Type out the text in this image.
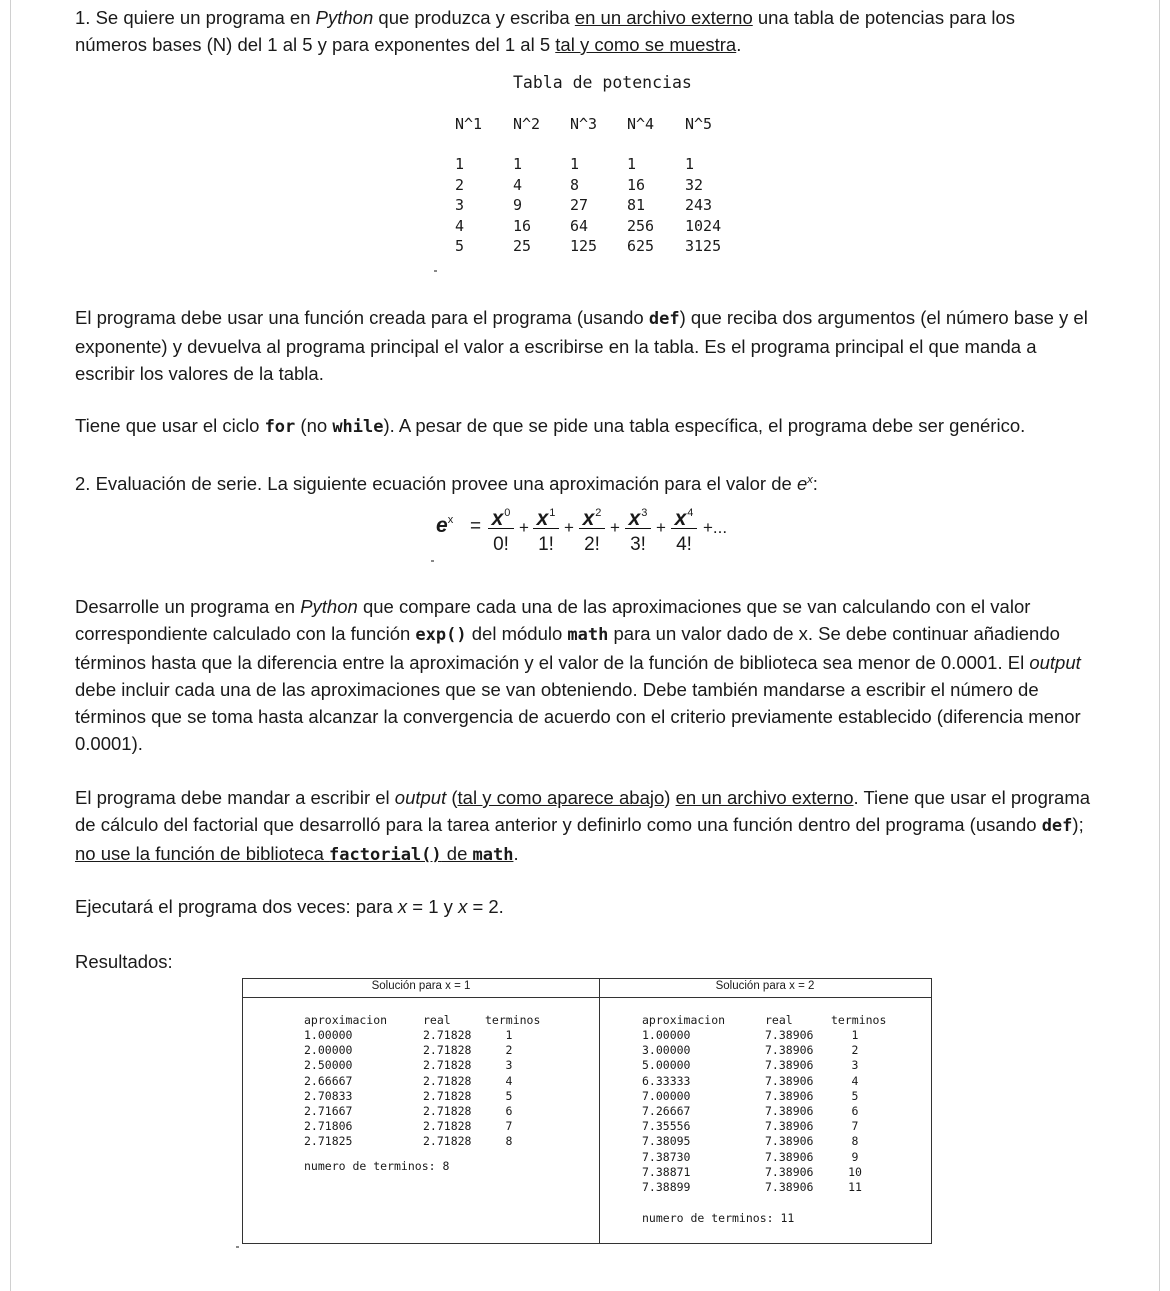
1. Se quiere un programa en Python que produzca y escriba en un archivo externo una tabla de potencias para los
números bases (N) del 1 al 5 y para exponentes del 1 al 5 tal y como se muestra.

Tabla de potencias
N^1 N^2 N^3 N^4 N^5
1	1	1	1	1
2	4	8	16	32
3	9	27	81	243
4	16	64	256 1024
5	25	125 625 3125

El programa debe usar una función creada para el programa (usando def) que reciba dos argumentos (el número base y el exponente) y devuelva al programa principal el valor a escribirse en la tabla. Es el programa principal el que manda a escribir los valores de la tabla.

Tiene que usar el ciclo for (no while). A pesar de que se pide una tabla específica, el programa debe ser genérico.

2. Evaluación de serie. La siguiente ecuación provee una aproximación para el valor de $e^x$:

$e^x = x^0$
0!
+ $x^1$
1!
+ $x^2$
2!
+ $x^3$
3!
+ $x^4$
4!
+...

Desarrolle un programa en Python que compare cada una de las aproximaciones que se van calculando con el valor correspondiente calculado con la función exp() del módulo math para un valor dado de x. Se debe continuar añadiendo términos hasta que la diferencia entre la aproximación y el valor de la función de biblioteca sea menor de 0.0001. El output debe incluir cada una de las aproximaciones que se van obteniendo. Debe también mandarse a escribir el número de términos que se toma hasta alcanzar la convergencia de acuerdo con el criterio previamente establecido (diferencia menor 0.0001).

El programa debe mandar a escribir el output (tal y como aparece abajo) en un archivo externo. Tiene que usar el programa de cálculo del factorial que desarrolló para la tarea anterior y definirlo como una función dentro del programa (usando def); no use la función de biblioteca factorial() de math.

Ejecutará el programa dos veces: para x = 1 y x = 2.

Resultados:

Solución para x = 1	Solución para x = 2
aproximacion	real	terminos
1.00000	2.71828	1
2.00000	2.71828	2
2.50000	2.71828	3
2.66667	2.71828	4
2.70833	2.71828	5
2.71667	2.71828	6
2.71806	2.71828	7
2.71825	2.71828	8
numero de terminos: 8
aproximacion	real	terminos
1.00000	7.38906	1
3.00000	7.38906	2
5.00000	7.38906	3
6.33333	7.38906	4
7.00000	7.38906	5
7.26667	7.38906	6
7.35556	7.38906	7
7.38095	7.38906	8
7.38730	7.38906	9
7.38871	7.38906	10
7.38899	7.38906	11
numero de terminos: 11
